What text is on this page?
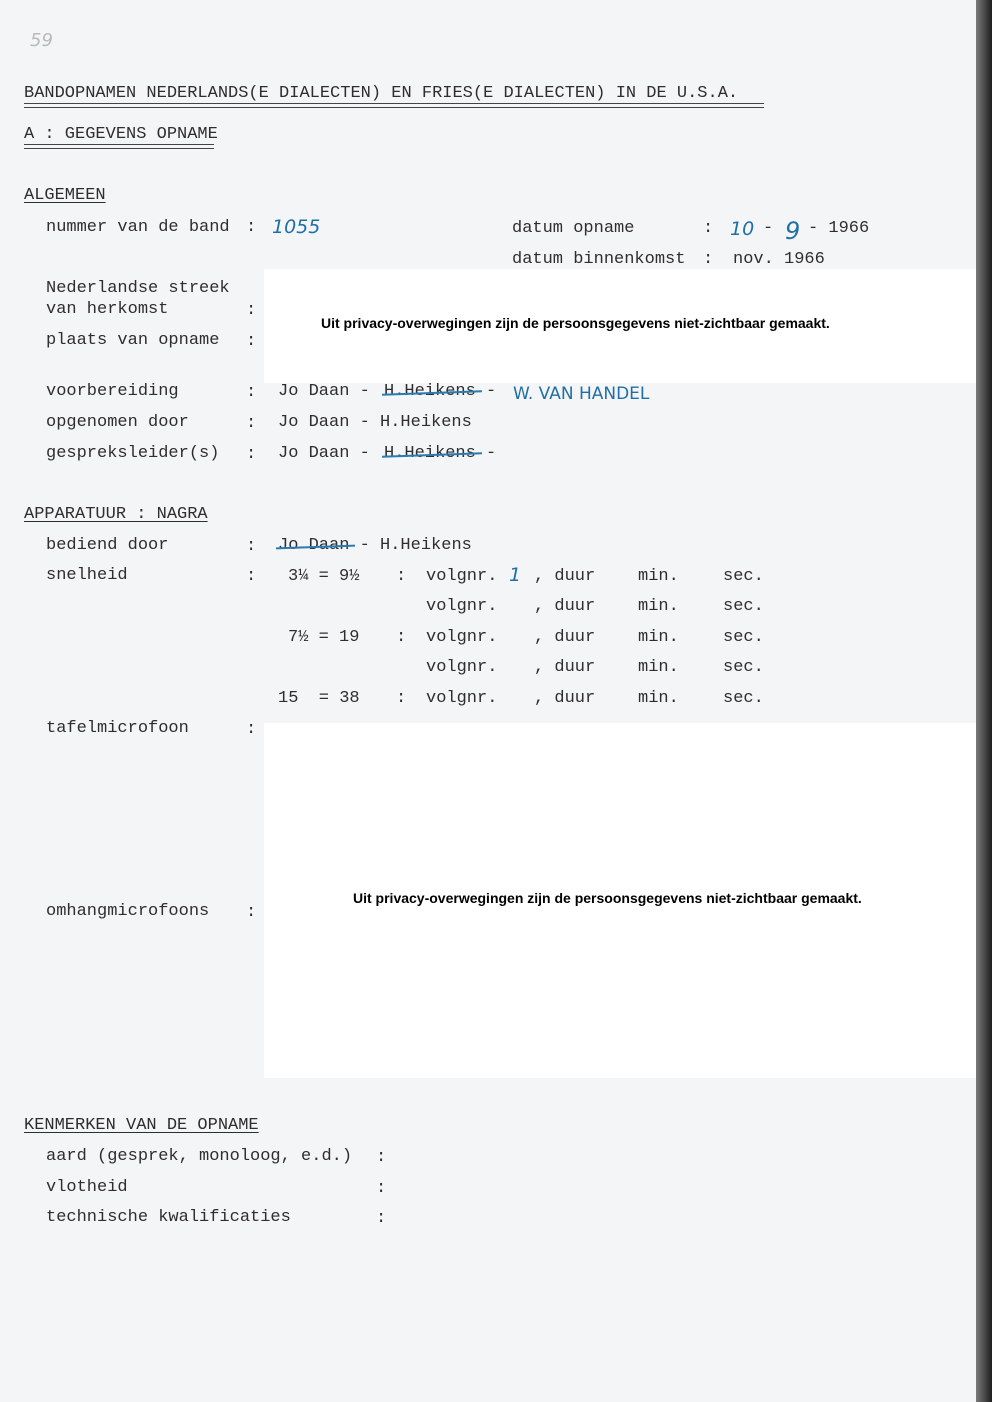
59
BANDOPNAMEN NEDERLANDS(E DIALECTEN) EN FRIES(E DIALECTEN) IN DE U.S.A.
A : GEGEVENS OPNAME
ALGEMEEN
nummer van de band : 1055	datum opname	: 10 - 9 - 1966
datum binnenkomst : nov. 1966
Nederlandse streek
van herkomst	:
plaats van opname :
Uit privacy-overwegingen zijn de persoonsgegevens niet-zichtbaar gemaakt.
voorbereiding	: Jo Daan - H.Heikens - W. VAN HANDEL
opgenomen door	: Jo Daan - H.Heikens
gespreksleider(s) : Jo Daan - H.Heikens -
APPARATUUR : NAGRA
bediend door	: Jo Daan - H.Heikens
snelheid	: 3¼ = 9½ : volgnr. 1 , duur	min.	sec.
volgnr. , duur	min.	sec.
7½ = 19 : volgnr. , duur	min.	sec.
volgnr. , duur	min.	sec.
15  = 38 : volgnr. , duur	min.	sec.
tafelmicrofoon	:
Uit privacy-overwegingen zijn de persoonsgegevens niet-zichtbaar gemaakt.
omhangmicrofoons :
KENMERKEN VAN DE OPNAME
aard (gesprek, monoloog, e.d.) :
vlotheid	:
technische kwalificaties	:
